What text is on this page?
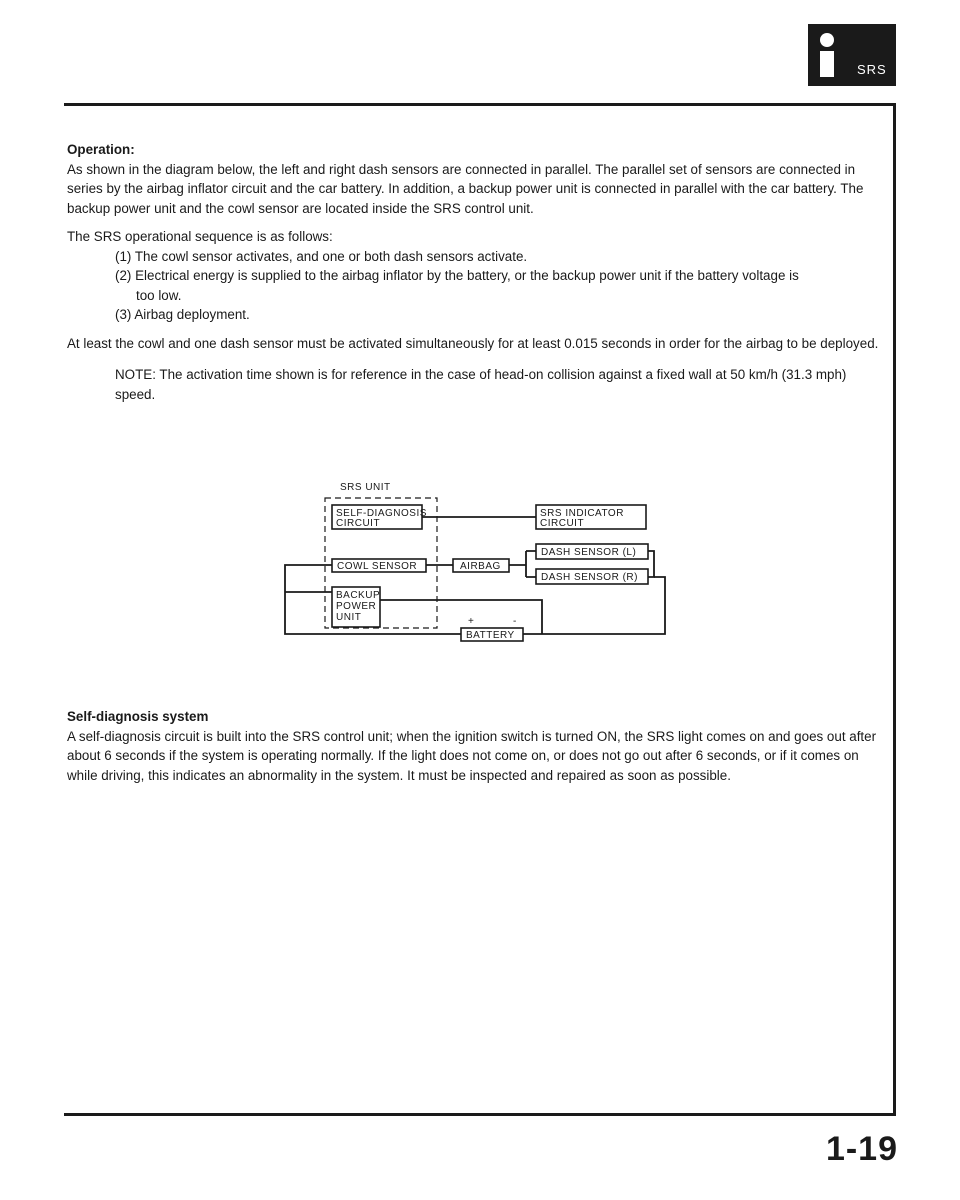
SRS

Operation:

As shown in the diagram below, the left and right dash sensors are connected in parallel. The parallel set of sensors are connected in series by the airbag inflator circuit and the car battery. In addition, a backup power unit is connected in parallel with the car battery. The backup power unit and the cowl sensor are located inside the SRS control unit.

The SRS operational sequence is as follows:

(1) The cowl sensor activates, and one or both dash sensors activate.

(2) Electrical energy is supplied to the airbag inflator by the battery, or the backup power unit if the battery voltage is

too low.

(3) Airbag deployment.

At least the cowl and one dash sensor must be activated simultaneously for at least 0.015 seconds in order for the airbag to be deployed.

NOTE: The activation time shown is for reference in the case of head-on collision against a fixed wall at 50 km/h (31.3 mph) speed.

SRS UNIT
SELF-DIAGNOSIS
CIRCUIT
SRS INDICATOR
CIRCUIT
COWL SENSOR	AIRBAG
DASH SENSOR (L)
DASH SENSOR (R)
BACKUP
POWER
UNIT	+	-
BATTERY

Self-diagnosis system

A self-diagnosis circuit is built into the SRS control unit; when the ignition switch is turned ON, the SRS light comes on and goes out after about 6 seconds if the system is operating normally. If the light does not come on, or does not go out after 6 seconds, or if it comes on while driving, this indicates an abnormality in the system. It must be inspected and repaired as soon as possible.

1-19
